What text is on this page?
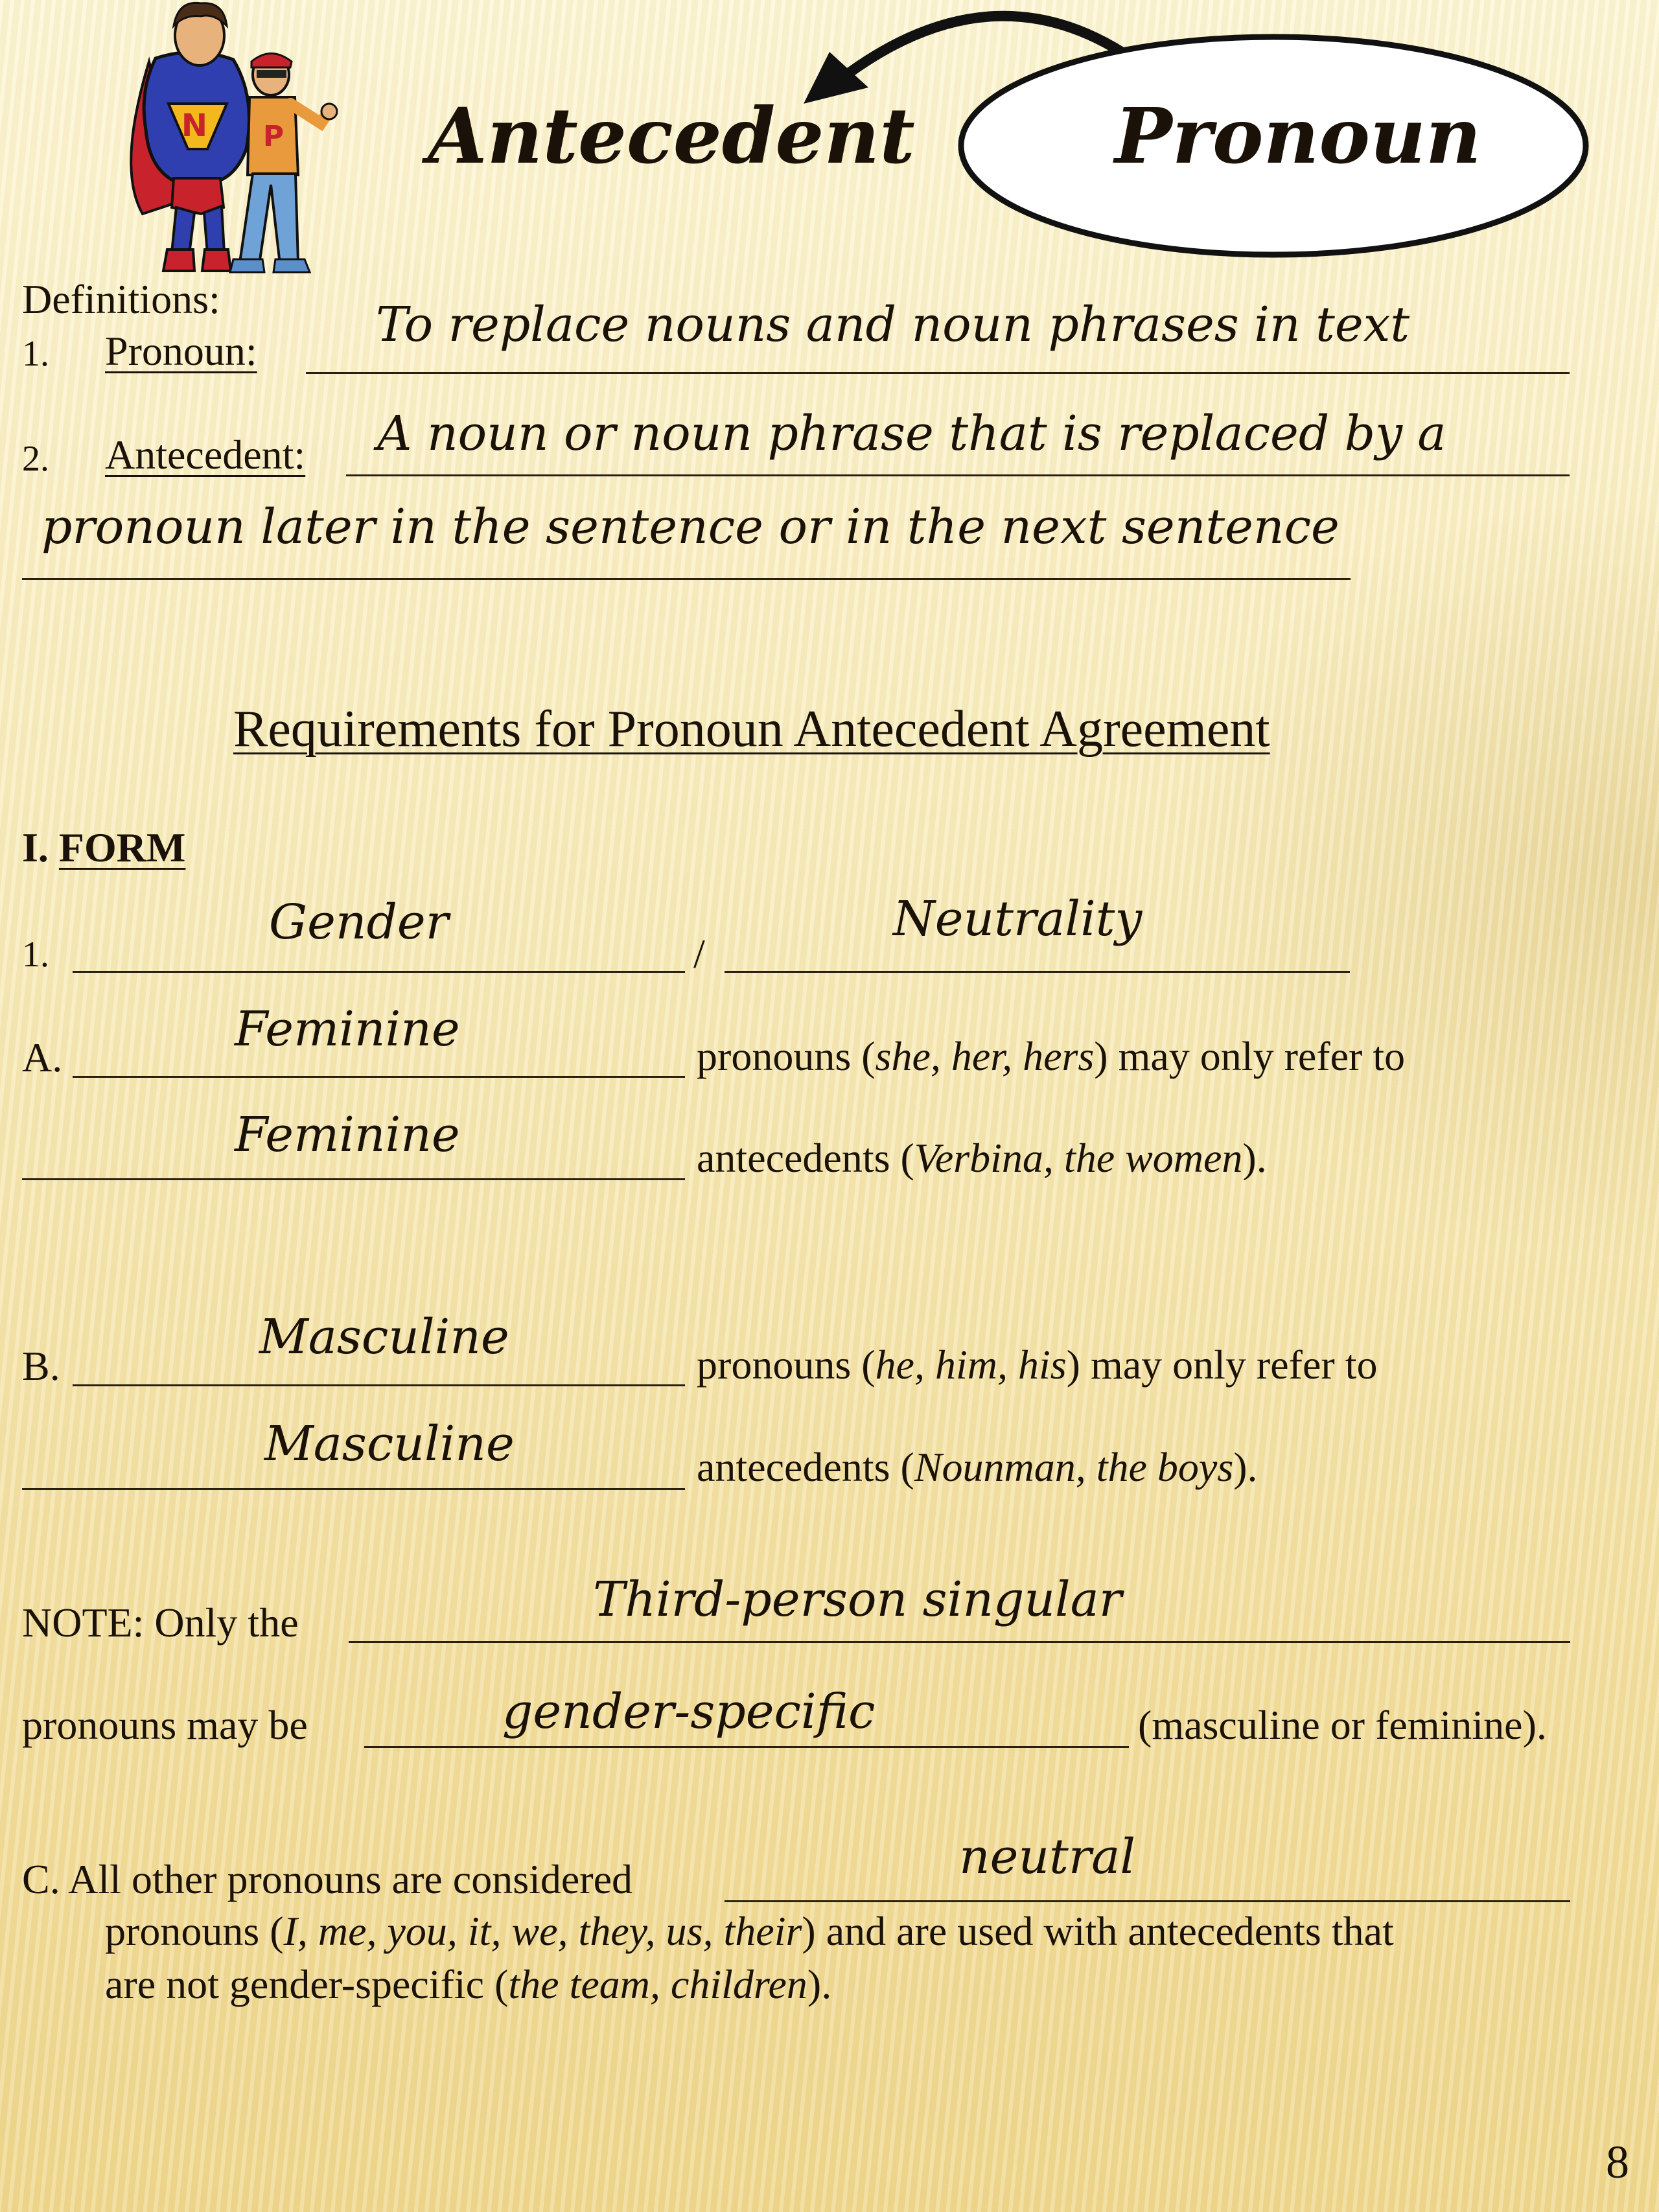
N P Antecedent	Pronoun
Definitions:
1. Pronoun: To replace nouns and noun phrases in text
2. Antecedent: A noun or noun phrase that is replaced by a
pronoun later in the sentence or in the next sentence
Requirements for Pronoun Antecedent Agreement
I. FORM
1.
Gender
/
Neutrality
A.
Feminine	pronouns (she, her, hers) may only refer to
Feminine	antecedents (Verbina, the women).
B.
Masculine	pronouns (he, him, his) may only refer to
Masculine	antecedents (Nounman, the boys).
NOTE: Only the	Third-person singular
pronouns may be	gender-specific	(masculine or feminine).
C. All other pronouns are considered	neutral
pronouns (I, me, you, it, we, they, us, their) and are used with antecedents that
are not gender-specific (the team, children).
8
